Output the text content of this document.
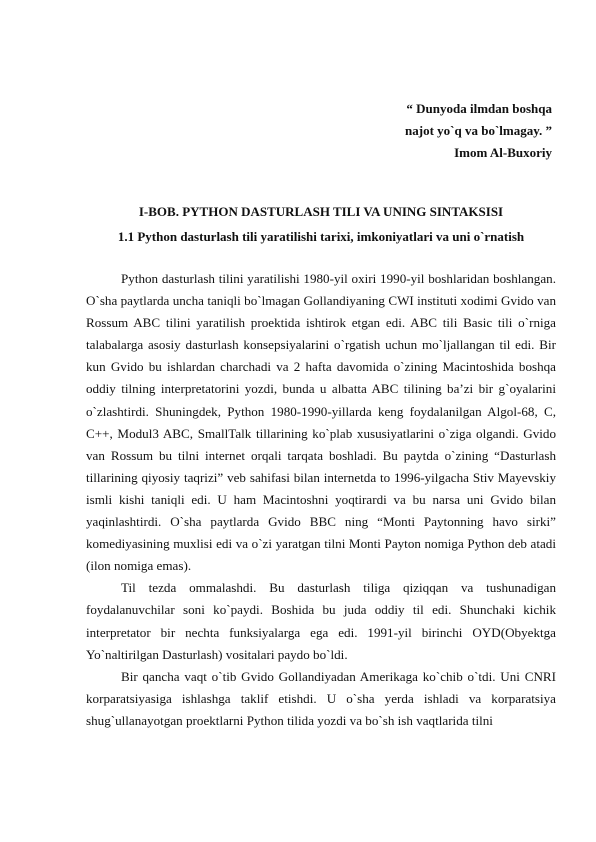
“ Dunyoda ilmdan boshqa
najot yo`q va bo`lmagay. ”
Imom Al-Buxoriy
I-BOB. PYTHON DASTURLASH TILI VA UNING SINTAKSISI
1.1 Python dasturlash tili yaratilishi tarixi, imkoniyatlari va uni o`rnatish

Python dasturlash tilini yaratilishi 1980-yil oxiri 1990-yil boshlaridan boshlangan. O`sha paytlarda uncha taniqli bo`lmagan Gollandiyaning CWI instituti xodimi Gvido van Rossum ABC tilini yaratilish proektida ishtirok etgan edi. ABC tili Basic tili o`rniga talabalarga asosiy dasturlash konsepsiyalarini o`rgatish uchun mo`ljallangan til edi. Bir kun Gvido bu ishlardan charchadi va 2 hafta davomida o`zining Macintoshida boshqa oddiy tilning interpretatorini yozdi, bunda u albatta ABC tilining ba’zi bir g`oyalarini o`zlashtirdi. Shuningdek, Python 1980-1990-yillarda keng foydalanilgan Algol-68, C, C++, Modul3 ABC, SmallTalk tillarining ko`plab xususiyatlarini o`ziga olgandi. Gvido van Rossum bu tilni internet orqali tarqata boshladi. Bu paytda o`zining “Dasturlash tillarining qiyosiy taqrizi” veb sahifasi bilan internetda to 1996-yilgacha Stiv Mayevskiy ismli kishi taniqli edi. U ham Macintoshni yoqtirardi va bu narsa uni Gvido bilan yaqinlashtirdi. O`sha paytlarda Gvido BBC ning “Monti Paytonning havo sirki” komediyasining muxlisi edi va o`zi yaratgan tilni Monti Payton nomiga Python deb atadi (ilon nomiga emas).

Til tezda ommalashdi. Bu dasturlash tiliga qiziqqan va tushunadigan foydalanuvchilar soni ko`paydi. Boshida bu juda oddiy til edi. Shunchaki kichik interpretator bir nechta funksiyalarga ega edi. 1991-yil birinchi OYD(Obyektga Yo`naltirilgan Dasturlash) vositalari paydo bo`ldi.

Bir qancha vaqt o`tib Gvido Gollandiyadan Amerikaga ko`chib o`tdi. Uni CNRI korparatsiyasiga ishlashga taklif etishdi. U o`sha yerda ishladi va korparatsiya shug`ullanayotgan proektlarni Python tilida yozdi va bo`sh ish vaqtlarida tilni
